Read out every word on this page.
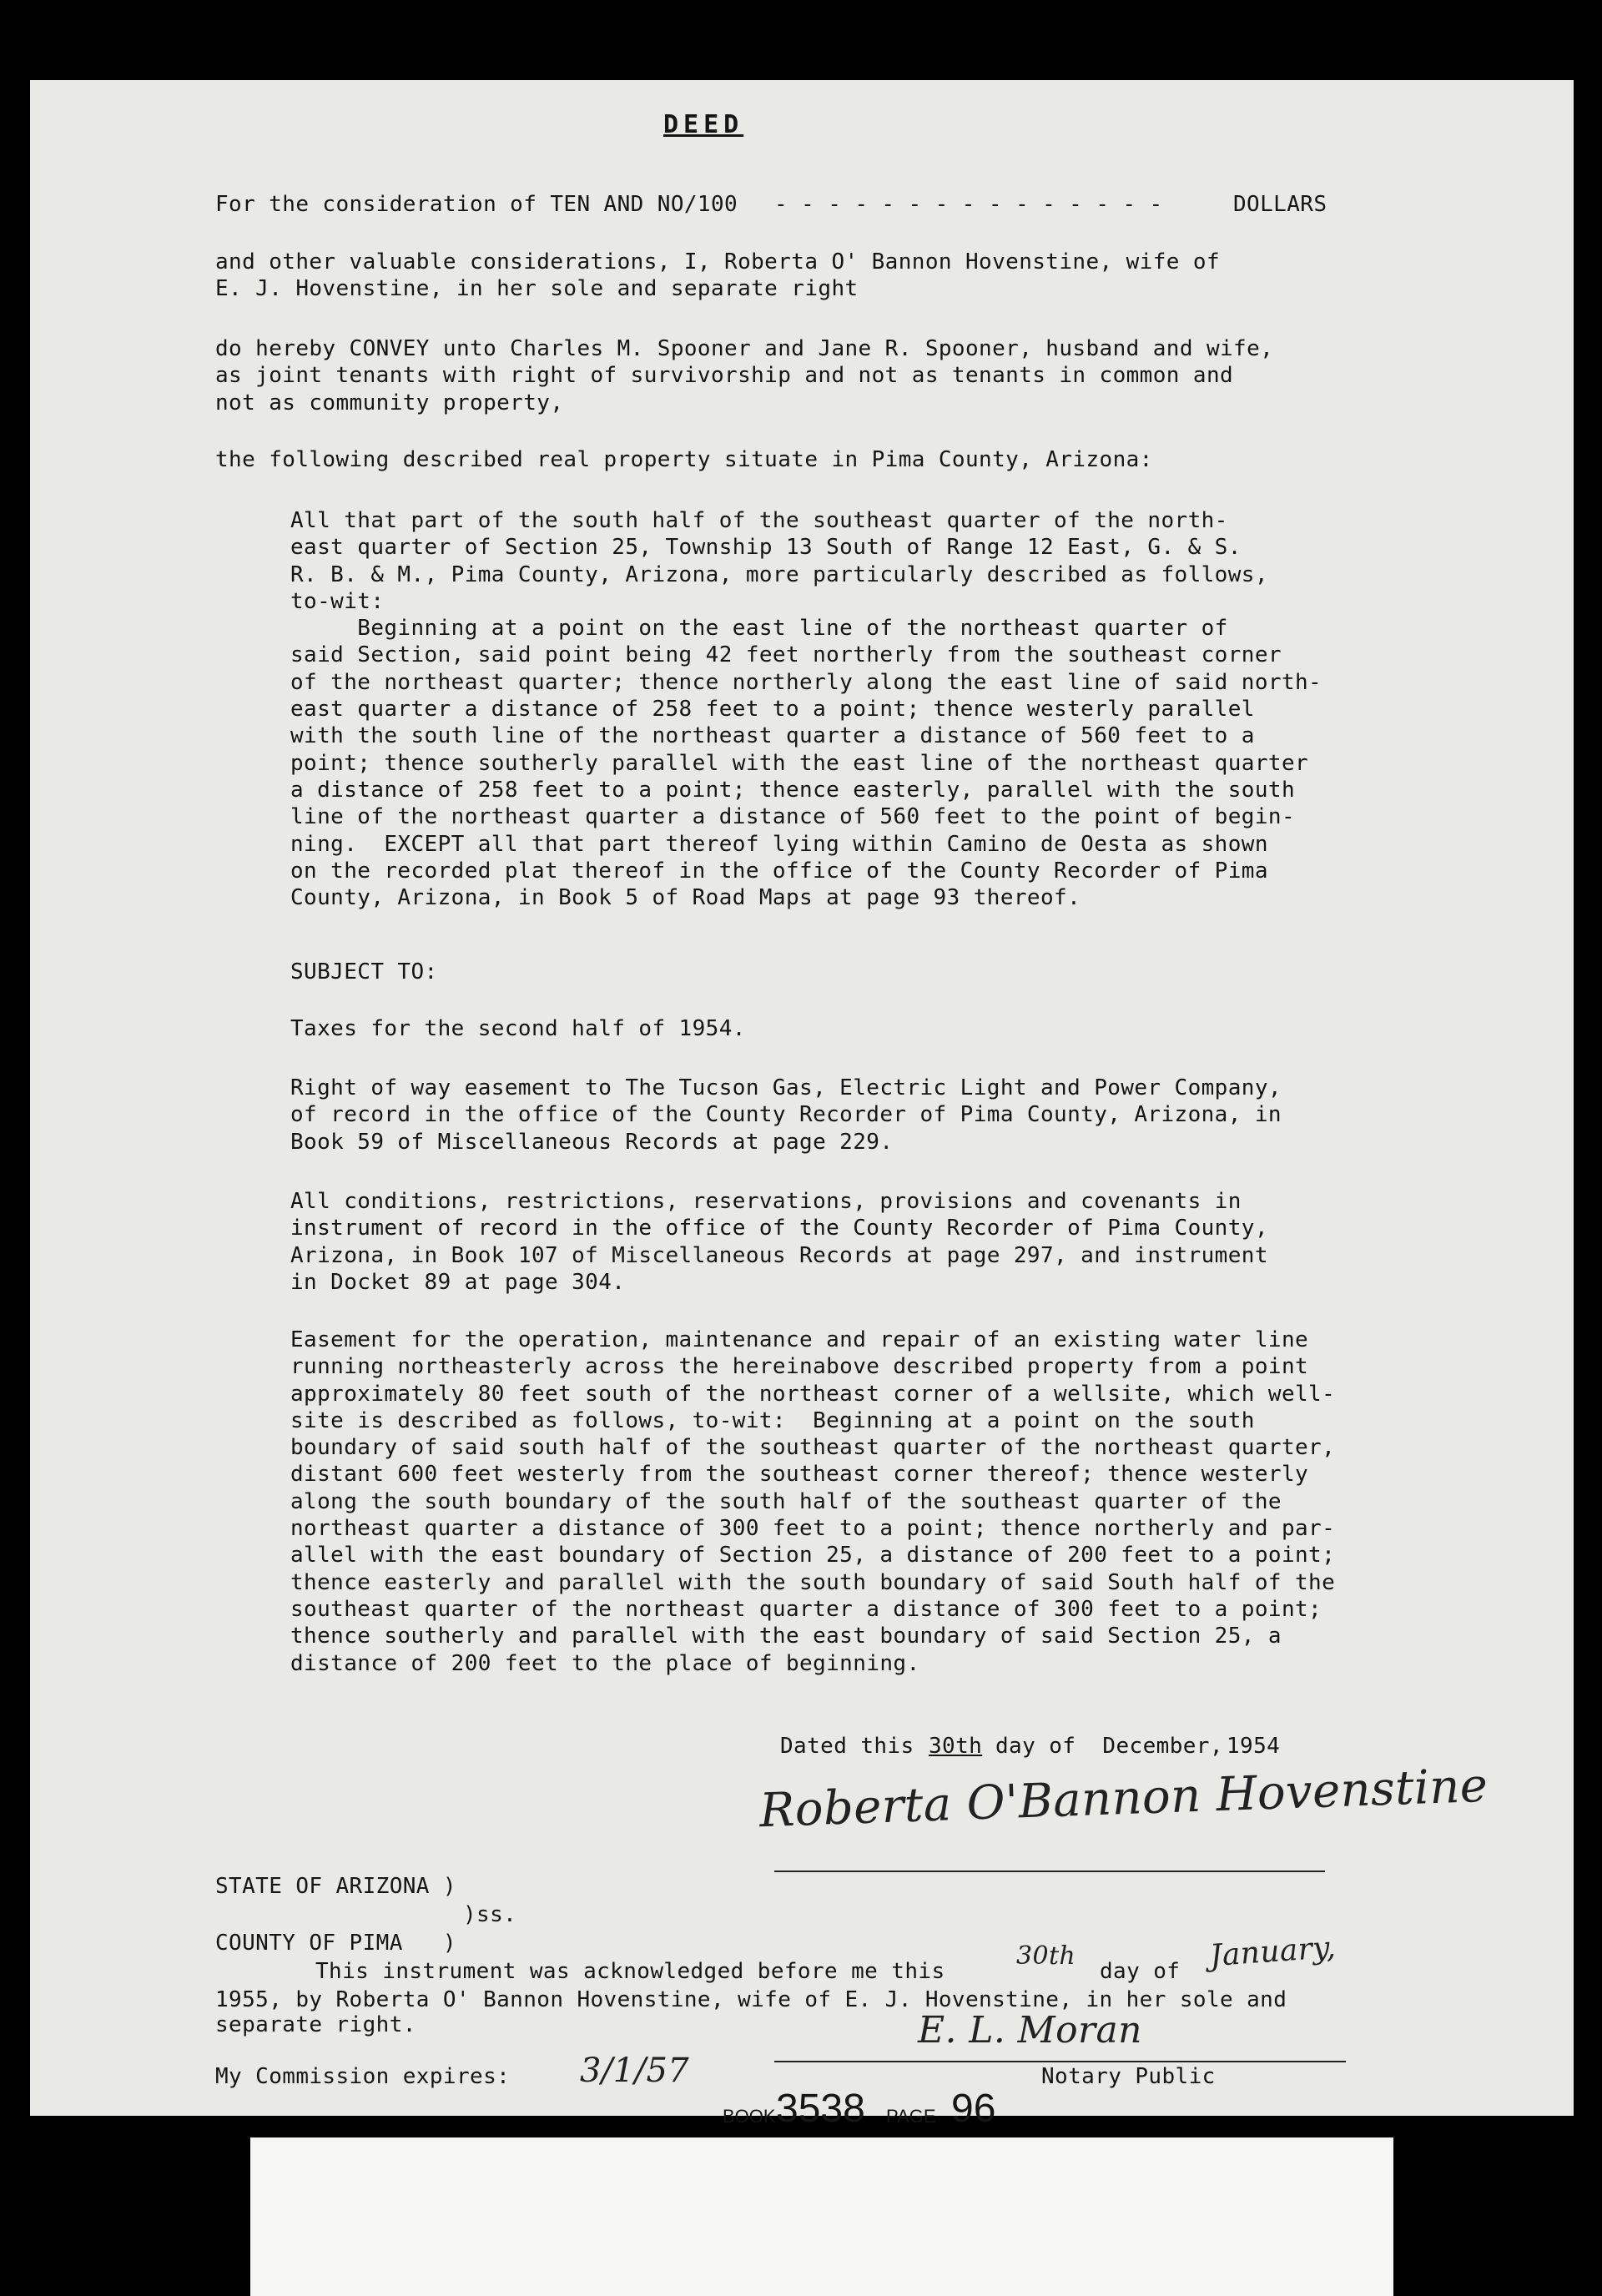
DEED
For the consideration of TEN AND NO/100 - - - - - - - - - - - - - - -	DOLLARS
and other valuable considerations, I, Roberta O' Bannon Hovenstine, wife of
E. J. Hovenstine, in her sole and separate right
do hereby CONVEY unto Charles M. Spooner and Jane R. Spooner, husband and wife,
as joint tenants with right of survivorship and not as tenants in common and
not as community property,
the following described real property situate in Pima County, Arizona:
All that part of the south half of the southeast quarter of the north-
east quarter of Section 25, Township 13 South of Range 12 East, G. & S.
R. B. & M., Pima County, Arizona, more particularly described as follows,
to-wit:
Beginning at a point on the east line of the northeast quarter of
said Section, said point being 42 feet northerly from the southeast corner
of the northeast quarter; thence northerly along the east line of said north-
east quarter a distance of 258 feet to a point; thence westerly parallel
with the south line of the northeast quarter a distance of 560 feet to a
point; thence southerly parallel with the east line of the northeast quarter
a distance of 258 feet to a point; thence easterly, parallel with the south
line of the northeast quarter a distance of 560 feet to the point of begin-
ning.  EXCEPT all that part thereof lying within Camino de Oesta as shown
on the recorded plat thereof in the office of the County Recorder of Pima
County, Arizona, in Book 5 of Road Maps at page 93 thereof.
SUBJECT TO:
Taxes for the second half of 1954.
Right of way easement to The Tucson Gas, Electric Light and Power Company,
of record in the office of the County Recorder of Pima County, Arizona, in
Book 59 of Miscellaneous Records at page 229.
All conditions, restrictions, reservations, provisions and covenants in
instrument of record in the office of the County Recorder of Pima County,
Arizona, in Book 107 of Miscellaneous Records at page 297, and instrument
in Docket 89 at page 304.
Easement for the operation, maintenance and repair of an existing water line
running northeasterly across the hereinabove described property from a point
approximately 80 feet south of the northeast corner of a wellsite, which well-
site is described as follows, to-wit:  Beginning at a point on the south
boundary of said south half of the southeast quarter of the northeast quarter,
distant 600 feet westerly from the southeast corner thereof; thence westerly
along the south boundary of the south half of the southeast quarter of the
northeast quarter a distance of 300 feet to a point; thence northerly and par-
allel with the east boundary of Section 25, a distance of 200 feet to a point;
thence easterly and parallel with the south boundary of said South half of the
southeast quarter of the northeast quarter a distance of 300 feet to a point;
thence southerly and parallel with the east boundary of said Section 25, a
distance of 200 feet to the place of beginning.
Dated this 30th day of  December, 1954
Roberta O'Bannon Hovenstine
STATE OF ARIZONA )
)ss.
COUNTY OF PIMA   )
This instrument was acknowledged before me this
30th
day of January,
1955, by Roberta O' Bannon Hovenstine, wife of E. J. Hovenstine, in her sole and
separate right.	E. L. Moran
Notary Public
My Commission expires: 3/1/57
BOOK 3538 PAGE 96
